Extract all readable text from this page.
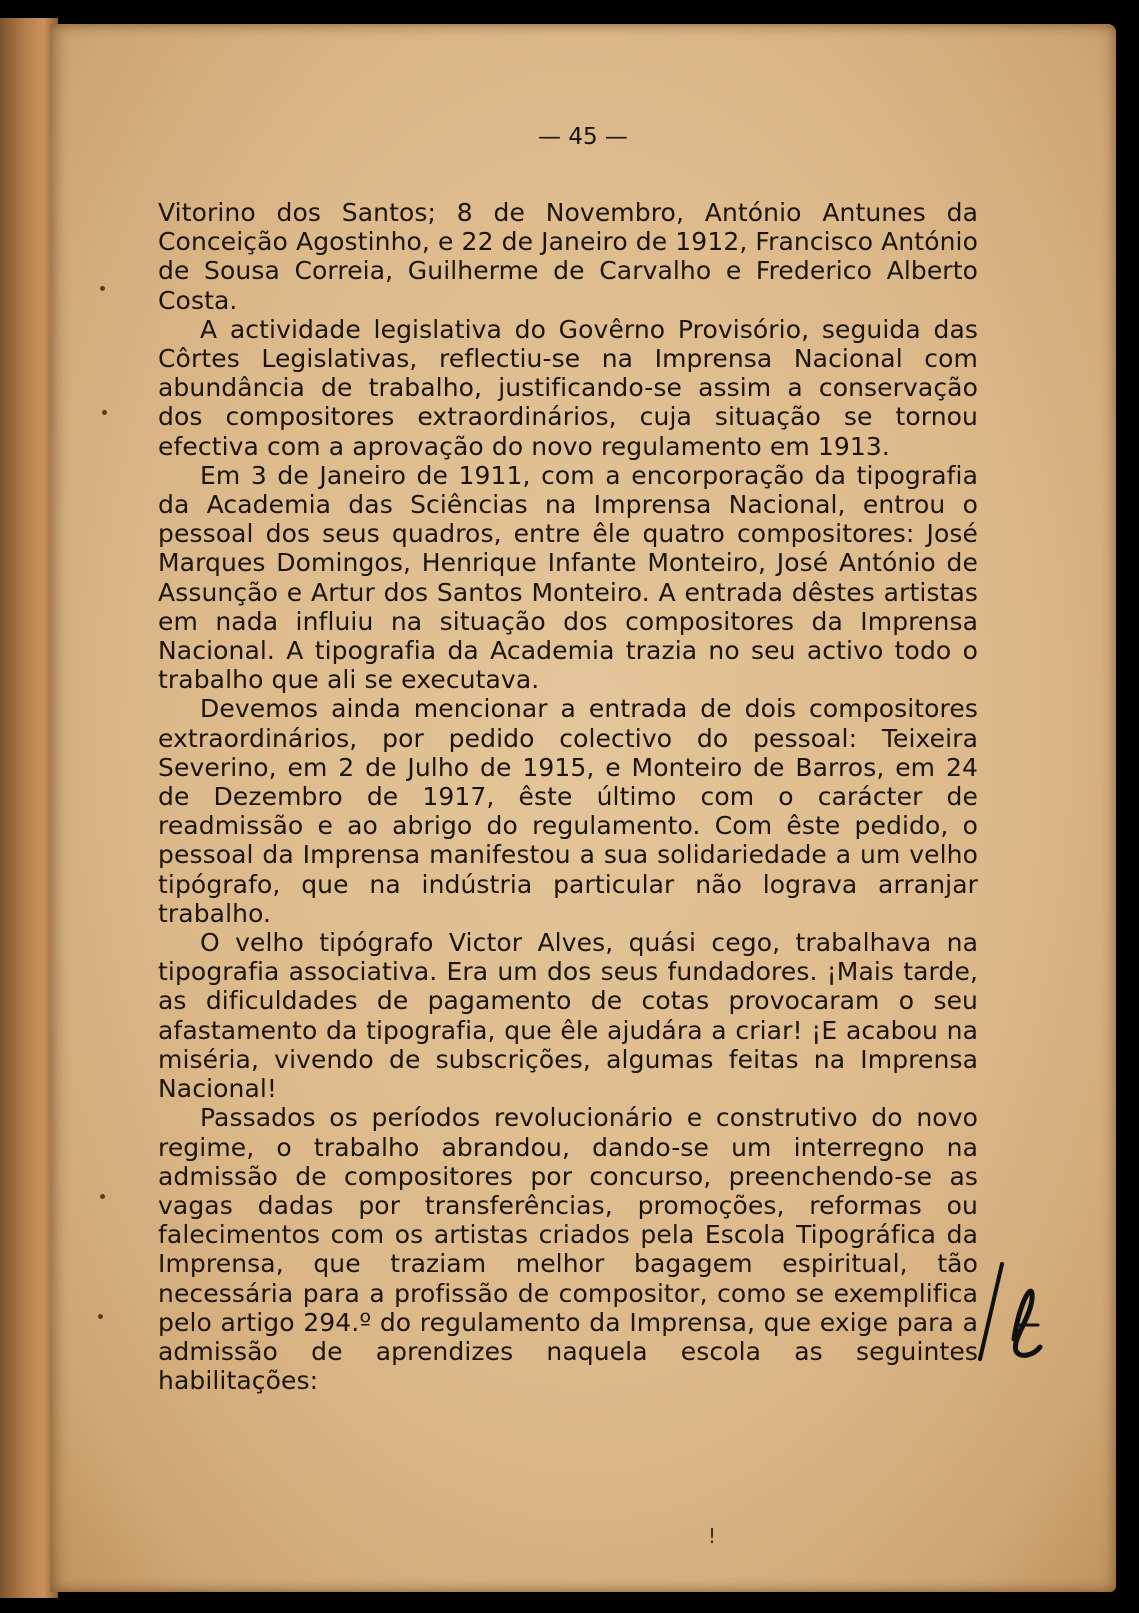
— 45 —

Vitorino dos Santos; 8 de Novembro, António Antunes da Conceição Agostinho, e 22 de Janeiro de 1912, Francisco António de Sousa Correia, Guilherme de Carvalho e Frederico Alberto Costa.

A actividade legislativa do Govêrno Provisório, seguida das Côrtes Legislativas, reflectiu-se na Imprensa Nacional com abundância de trabalho, justificando-se assim a conservação dos compositores extraordinários, cuja situação se tornou efectiva com a aprovação do novo regulamento em 1913.

Em 3 de Janeiro de 1911, com a encorporação da tipografia da Academia das Sciências na Imprensa Nacional, entrou o pessoal dos seus quadros, entre êle quatro compositores: José Marques Domingos, Henrique Infante Monteiro, José António de Assunção e Artur dos Santos Monteiro. A entrada dêstes artistas em nada influiu na situação dos compositores da Imprensa Nacional. A tipografia da Academia trazia no seu activo todo o trabalho que ali se executava.

Devemos ainda mencionar a entrada de dois compositores extraordinários, por pedido colectivo do pessoal: Teixeira Severino, em 2 de Julho de 1915, e Monteiro de Barros, em 24 de Dezembro de 1917, êste último com o carácter de readmissão e ao abrigo do regulamento. Com êste pedido, o pessoal da Imprensa manifestou a sua solidariedade a um velho tipógrafo, que na indústria particular não lograva arranjar trabalho.

O velho tipógrafo Victor Alves, quási cego, trabalhava na tipografia associativa. Era um dos seus fundadores. ¡Mais tarde, as dificuldades de pagamento de cotas provocaram o seu afastamento da tipografia, que êle ajudára a criar! ¡E acabou na miséria, vivendo de subscrições, algumas feitas na Imprensa Nacional!

Passados os períodos revolucionário e construtivo do novo regime, o trabalho abrandou, dando-se um interregno na admissão de compositores por concurso, preenchendo-se as vagas dadas por transferências, promoções, reformas ou falecimentos com os artistas criados pela Escola Tipográfica da Imprensa, que traziam melhor bagagem espiritual, tão necessária para a profissão de compositor, como se exemplifica pelo artigo 294.º do regulamento da Imprensa, que exige para a admissão de aprendizes naquela escola as seguintes habilitações:

!
